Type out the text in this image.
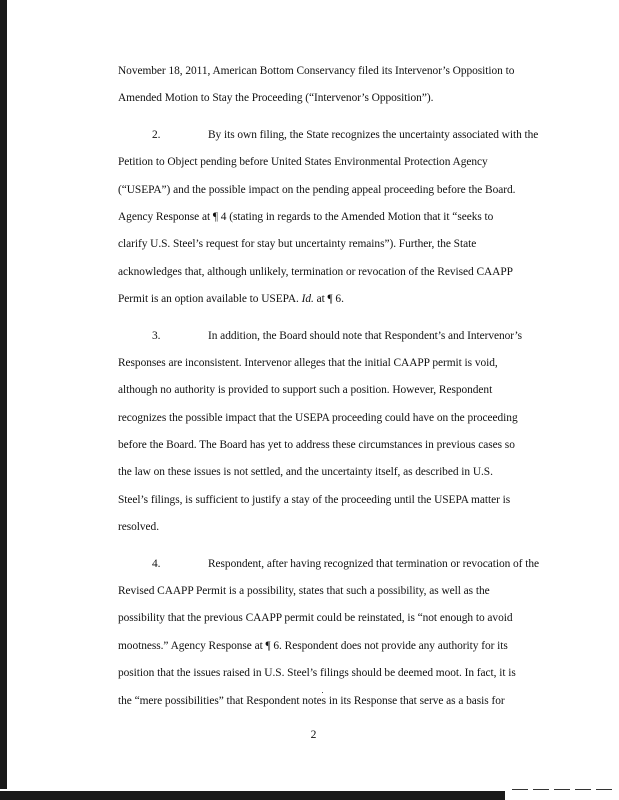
November 18, 2011, American Bottom Conservancy filed its Intervenor’s Opposition to
Amended Motion to Stay the Proceeding (“Intervenor’s Opposition”).
2.	By its own filing, the State recognizes the uncertainty associated with the
Petition to Object pending before United States Environmental Protection Agency
(“USEPA”) and the possible impact on the pending appeal proceeding before the Board.
Agency Response at ¶ 4 (stating in regards to the Amended Motion that it “seeks to
clarify U.S. Steel’s request for stay but uncertainty remains”). Further, the State
acknowledges that, although unlikely, termination or revocation of the Revised CAAPP
Permit is an option available to USEPA. Id. at ¶ 6.
3.	In addition, the Board should note that Respondent’s and Intervenor’s
Responses are inconsistent. Intervenor alleges that the initial CAAPP permit is void,
although no authority is provided to support such a position. However, Respondent
recognizes the possible impact that the USEPA proceeding could have on the proceeding
before the Board. The Board has yet to address these circumstances in previous cases so
the law on these issues is not settled, and the uncertainty itself, as described in U.S.
Steel’s filings, is sufficient to justify a stay of the proceeding until the USEPA matter is
resolved.
4.	Respondent, after having recognized that termination or revocation of the
Revised CAAPP Permit is a possibility, states that such a possibility, as well as the
possibility that the previous CAAPP permit could be reinstated, is “not enough to avoid
mootness.” Agency Response at ¶ 6. Respondent does not provide any authority for its
position that the issues raised in U.S. Steel’s filings should be deemed moot. In fact, it is
the “mere possibilities” that Respondent notes in its Response that serve as a basis for
2
